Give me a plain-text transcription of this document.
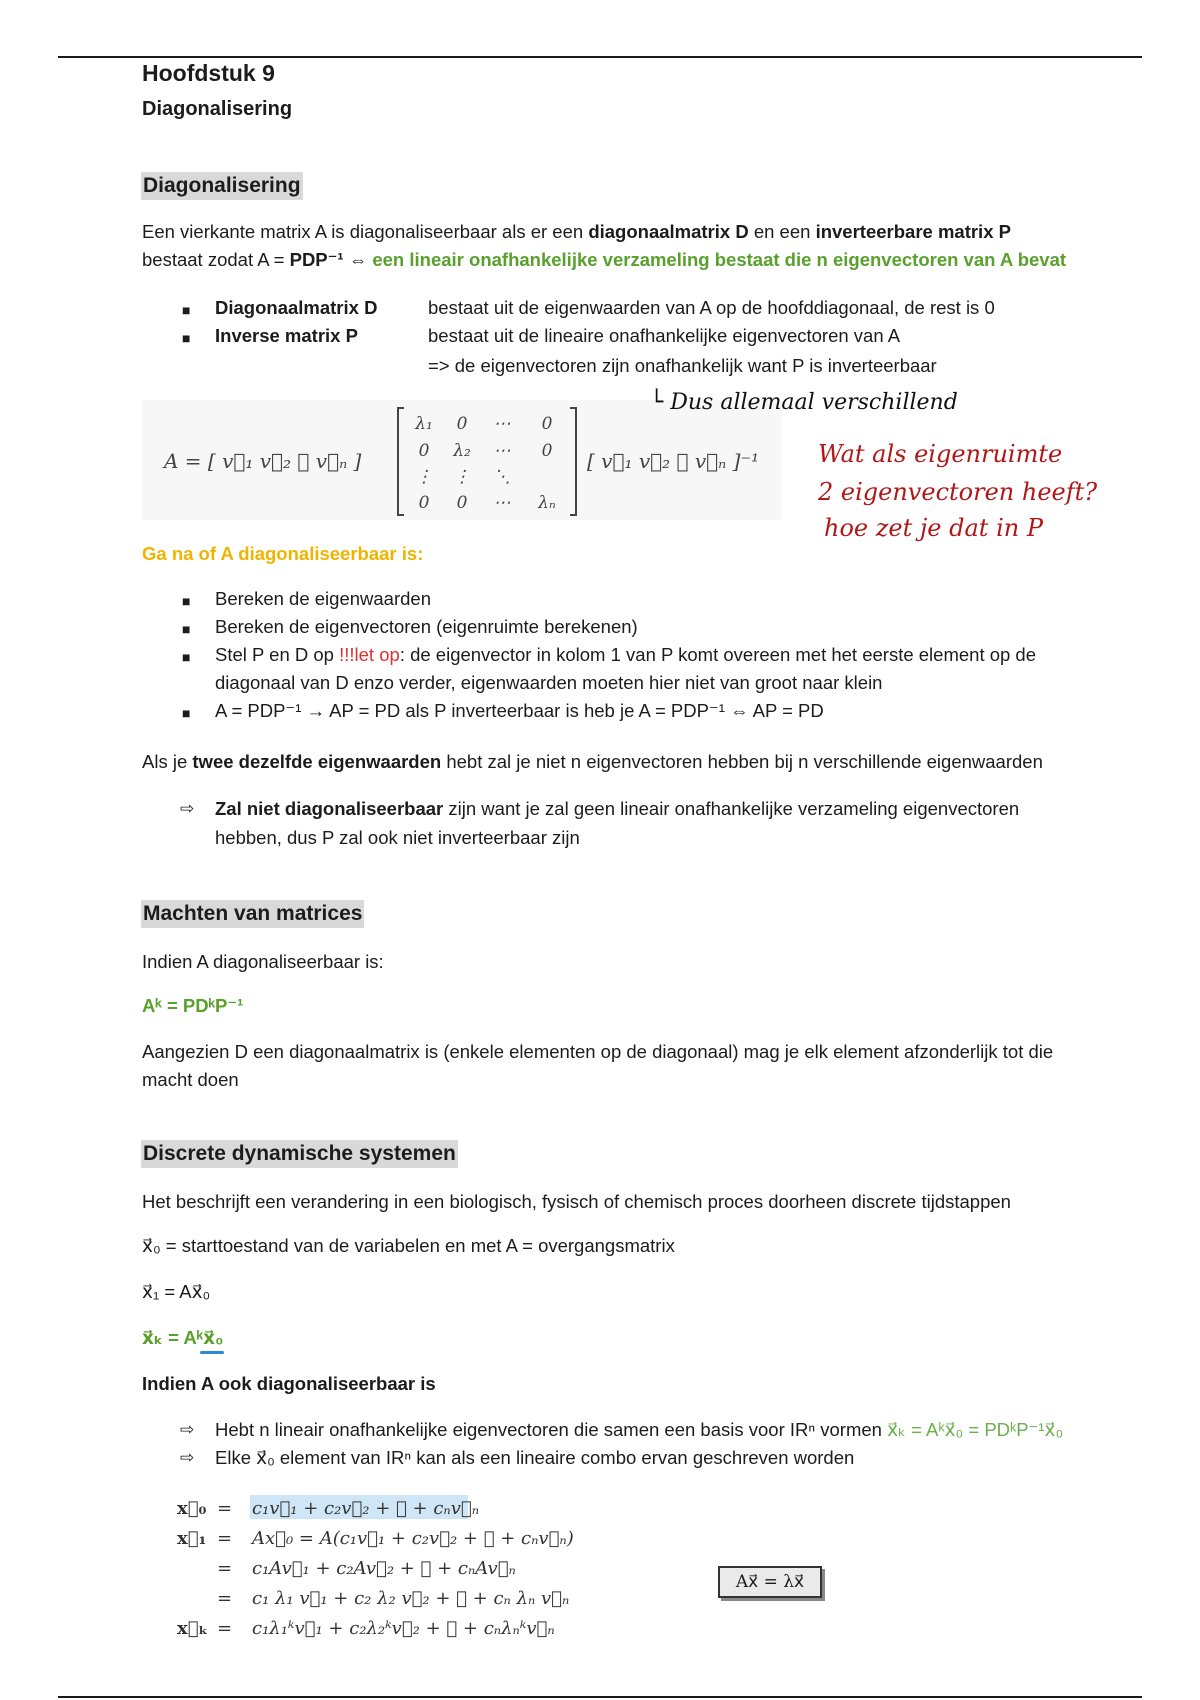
Hoofdstuk 9
Diagonalisering
Diagonalisering
Een vierkante matrix A is diagonaliseerbaar als er een diagonaalmatrix D en een inverteerbare matrix P
bestaat zodat A = PDP⁻¹ ⇔ een lineair onafhankelijke verzameling bestaat die n eigenvectoren van A bevat
■ Diagonaalmatrix D	bestaat uit de eigenwaarden van A op de hoofddiagonaal, de rest is 0
■ Inverse matrix P	bestaat uit de lineaire onafhankelijke eigenvectoren van A
=> de eigenvectoren zijn onafhankelijk want P is inverteerbaar
A = [ v⃗₁ v⃗₂ ⋯ v⃗ₙ ]	[ v⃗₁ v⃗₂ ⋯ v⃗ₙ ]⁻¹
λ₁ 0 ⋯ 0
0 λ₂ ⋯ 0
⋮ ⋮ ⋱
0 0 ⋯ λₙ
└ Dus allemaal verschillend
Wat als eigenruimte
2 eigenvectoren heeft?
hoe zet je dat in P
Ga na of A diagonaliseerbaar is:
■ Bereken de eigenwaarden
■ Bereken de eigenvectoren (eigenruimte berekenen)
■ Stel P en D op !!!let op: de eigenvector in kolom 1 van P komt overeen met het eerste element op de
diagonaal van D enzo verder, eigenwaarden moeten hier niet van groot naar klein
■ A = PDP⁻¹ → AP = PD als P inverteerbaar is heb je A = PDP⁻¹ ⇔ AP = PD
Als je twee dezelfde eigenwaarden hebt zal je niet n eigenvectoren hebben bij n verschillende eigenwaarden
⇨ Zal niet diagonaliseerbaar zijn want je zal geen lineair onafhankelijke verzameling eigenvectoren
hebben, dus P zal ook niet inverteerbaar zijn
Machten van matrices
Indien A diagonaliseerbaar is:
Aᵏ = PDᵏP⁻¹
Aangezien D een diagonaalmatrix is (enkele elementen op de diagonaal) mag je elk element afzonderlijk tot die
macht doen
Discrete dynamische systemen
Het beschrijft een verandering in een biologisch, fysisch of chemisch proces doorheen discrete tijdstappen
x⃗₀ = starttoestand van de variabelen en met A = overgangsmatrix
x⃗₁ = Ax⃗₀
x⃗ₖ = Aᵏx⃗₀
Indien A ook diagonaliseerbaar is
⇨ Hebt n lineair onafhankelijke eigenvectoren die samen een basis voor IRⁿ vormen x⃗ₖ = Aᵏx⃗₀ = PDᵏP⁻¹x⃗₀
⇨ Elke x⃗₀ element van IRⁿ kan als een lineaire combo ervan geschreven worden
x⃗₀ = c₁v⃗₁ + c₂v⃗₂ + ⋯ + cₙv⃗ₙ
x⃗₁ = Ax⃗₀ = A(c₁v⃗₁ + c₂v⃗₂ + ⋯ + cₙv⃗ₙ)
= c₁Av⃗₁ + c₂Av⃗₂ + ⋯ + cₙAv⃗ₙ
= c₁ λ₁ v⃗₁ + c₂ λ₂ v⃗₂ + ⋯ + cₙ λₙ v⃗ₙ
x⃗ₖ = c₁λ₁ᵏv⃗₁ + c₂λ₂ᵏv⃗₂ + ⋯ + cₙλₙᵏv⃗ₙ
Ax⃗ = λx⃗
